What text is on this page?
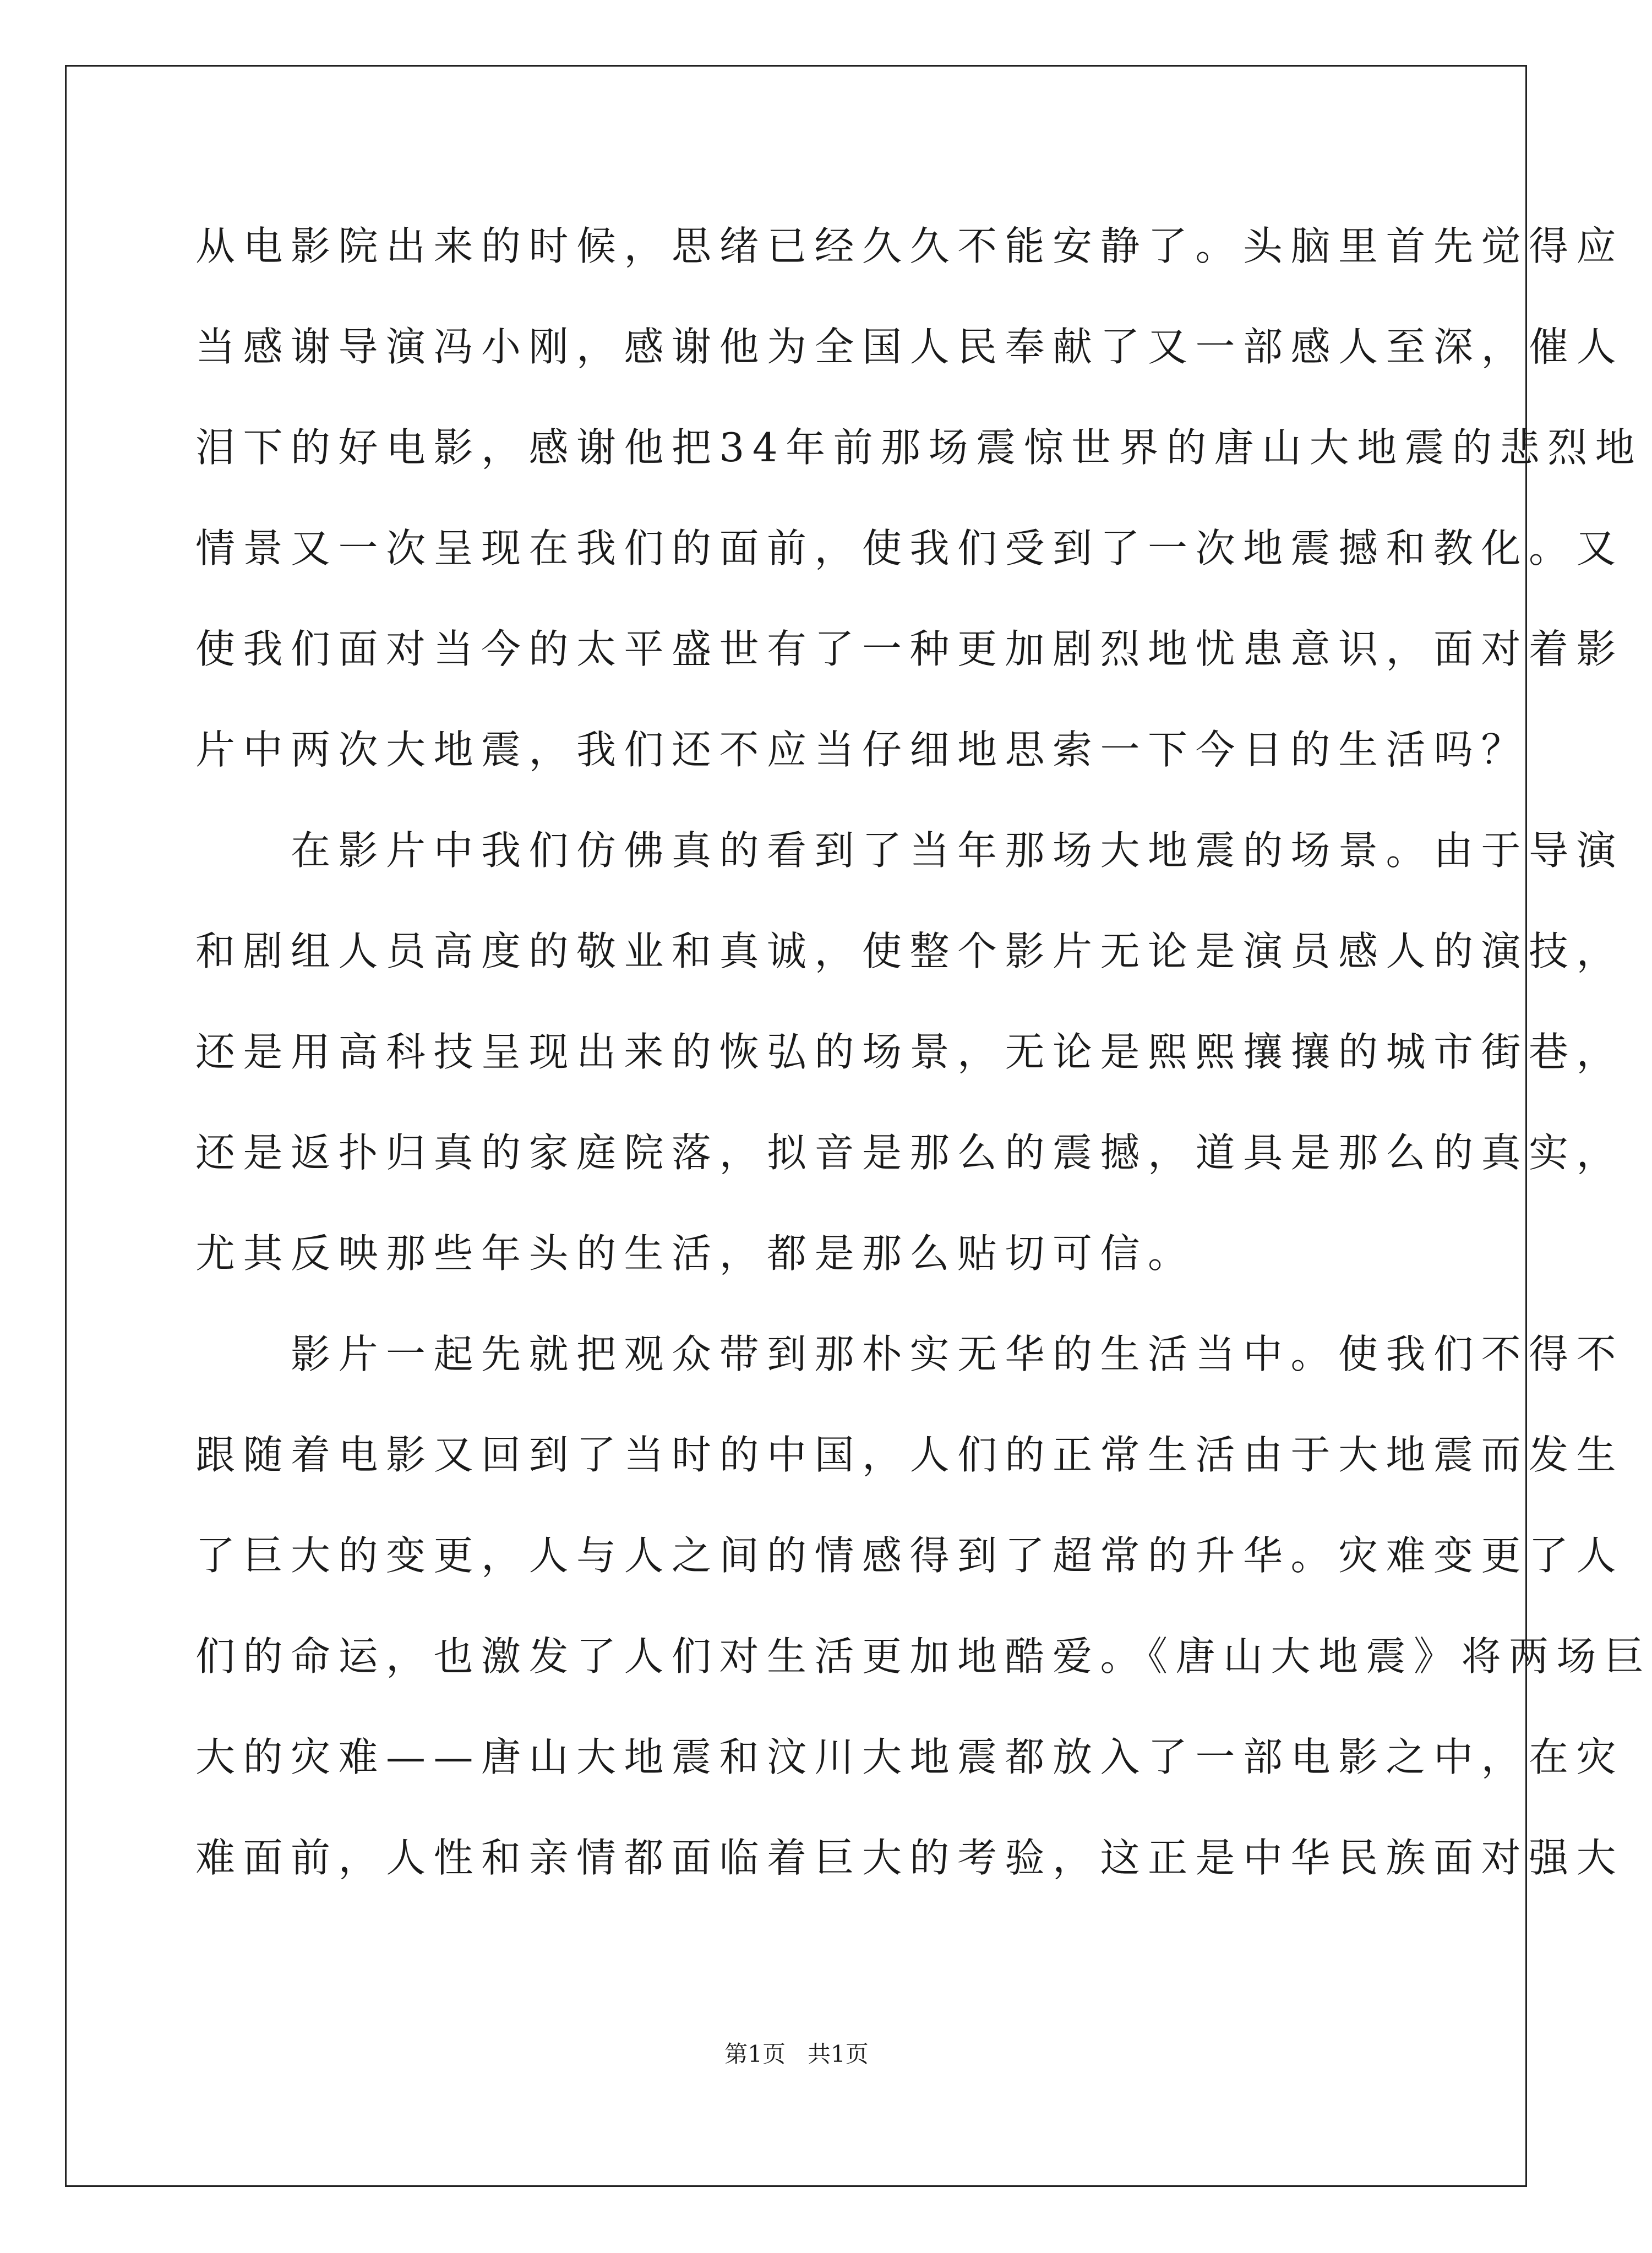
从电影院出来的时候，思绪已经久久不能安静了。头脑里首先觉得应
当感谢导演冯小刚，感谢他为全国人民奉献了又一部感人至深，催人
泪下的好电影，感谢他把34年前那场震惊世界的唐山大地震的悲烈地
情景又一次呈现在我们的面前，使我们受到了一次地震撼和教化。又
使我们面对当今的太平盛世有了一种更加剧烈地忧患意识，面对着影
片中两次大地震，我们还不应当仔细地思索一下今日的生活吗？
　　在影片中我们仿佛真的看到了当年那场大地震的场景。由于导演
和剧组人员高度的敬业和真诚，使整个影片无论是演员感人的演技，
还是用高科技呈现出来的恢弘的场景，无论是熙熙攘攘的城市街巷，
还是返扑归真的家庭院落，拟音是那么的震撼，道具是那么的真实，
尤其反映那些年头的生活，都是那么贴切可信。
　　影片一起先就把观众带到那朴实无华的生活当中。使我们不得不
跟随着电影又回到了当时的中国，人们的正常生活由于大地震而发生
了巨大的变更，人与人之间的情感得到了超常的升华。灾难变更了人
们的命运，也激发了人们对生活更加地酷爱。《唐山大地震》将两场巨
大的灾难——唐山大地震和汶川大地震都放入了一部电影之中，在灾
难面前，人性和亲情都面临着巨大的考验，这正是中华民族面对强大
第1页   共1页
